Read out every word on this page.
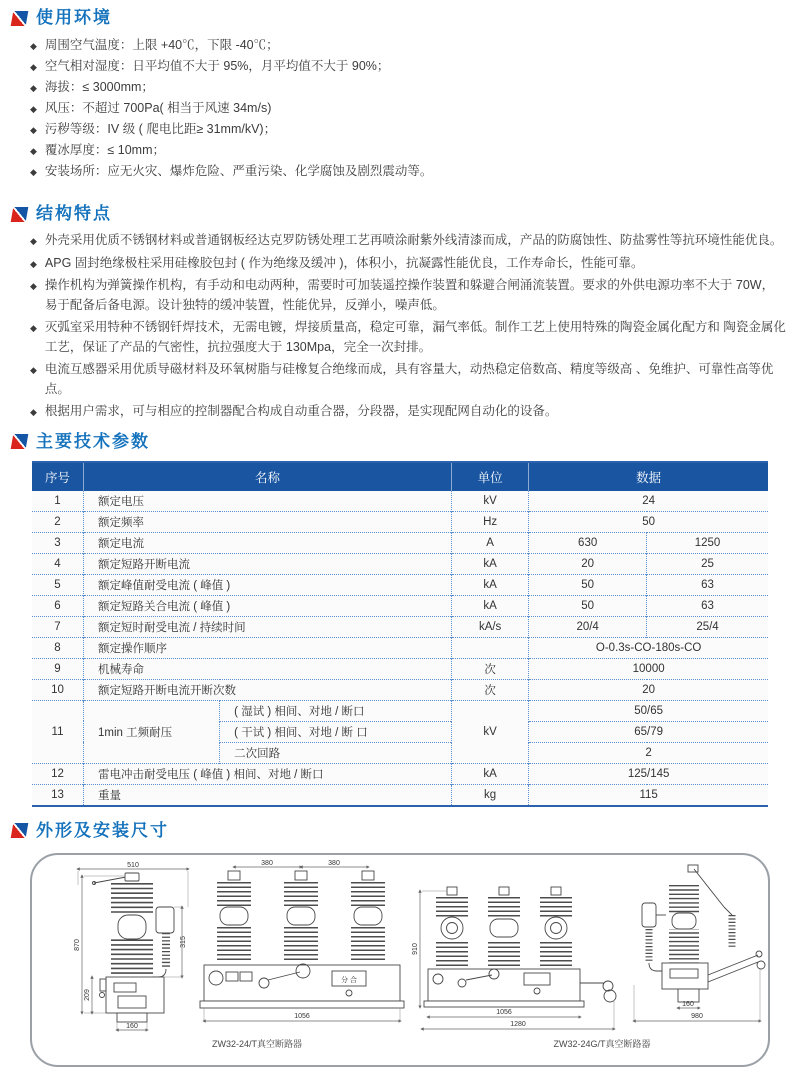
使用环境
◆ 周围空气温度：上限 +40℃，下限 -40℃；
◆ 空气相对湿度：日平均值不大于 95%，月平均值不大于 90%；
◆ 海拔：≤ 3000mm；
◆ 风压：不超过 700Pa( 相当于风速 34m/s)
◆ 污秽等级：IV 级 ( 爬电比距≥ 31mm/kV)；
◆ 覆冰厚度：≤ 10mm；
◆ 安装场所：应无火灾、爆炸危险、严重污染、化学腐蚀及剧烈震动等。
结构特点
◆ 外壳采用优质不锈钢材料或普通钢板经达克罗防锈处理工艺再喷涂耐紫外线清漆而成，产品的防腐蚀性、防盐雾性等抗环境性能优良。
◆ APG 固封绝缘极柱采用硅橡胶包封 ( 作为绝缘及缓冲 )，体积小，抗凝露性能优良，工作寿命长，性能可靠。
◆ 操作机构为弹簧操作机构，有手动和电动两种，需要时可加装遥控操作装置和躲避合闸涌流装置。要求的外供电源功率不大于 70W，易于配备后备电源。设计独特的缓冲装置，性能优异，反弹小，噪声低。
◆ 灭弧室采用特种不锈钢钎焊技术，无需电镀，焊接质量高，稳定可靠，漏气率低。制作工艺上使用特殊的陶瓷金属化配方和 陶瓷金属化工艺，保证了产品的气密性，抗拉强度大于 130Mpa，完全一次封排。
◆ 电流互感器采用优质导磁材料及环氧树脂与硅橡复合绝缘而成，具有容量大，动热稳定倍数高、精度等级高 、免维护、可靠性高等优点。
◆ 根据用户需求，可与相应的控制器配合构成自动重合器，分段器，是实现配网自动化的设备。
主要技术参数
序号	名称		单位	数据	
1	额定电压		kV	24	
2	额定频率		Hz	50	
3	额定电流		A	630	1250
4	额定短路开断电流		kA	20	25
5	额定峰值耐受电流 ( 峰值 )		kA	50	63
6	额定短路关合电流 ( 峰值 )		kA	50	63
7	额定短时耐受电流 / 持续时间		kA/s	20/4	25/4
8	额定操作顺序			O-0.3s-CO-180s-CO	
9	机械寿命		次	10000	
10	额定短路开断电流开断次数		次	20	
11	1min 工频耐压	( 湿试 ) 相间、对地 / 断口	kV	50/65	
		( 干试 ) 相间、对地 / 断 口		65/79	
		二次回路		2	
12	雷电冲击耐受电压 ( 峰值 ) 相间、对地 / 断口		kA	125/145	
13	重量		kg	115	
外形及安装尺寸
510
870
209
315
160
380	380
分 合
1056
ZW32-24/T真空断路器
910
1056
1280
160
980
ZW32-24G/T真空断路器
